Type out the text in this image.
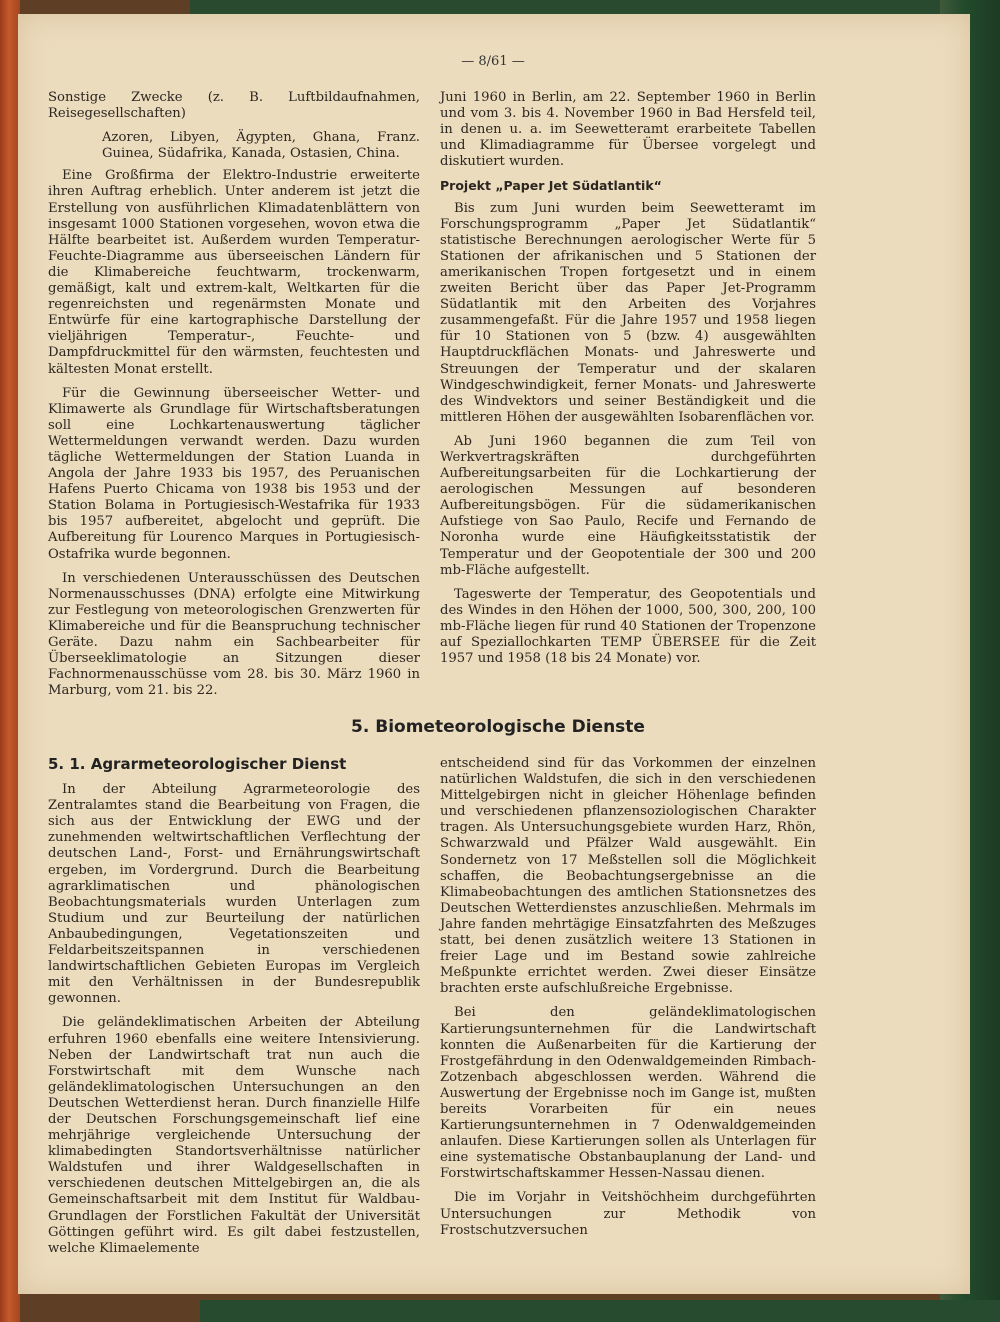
— 8/61 —

Sonstige Zwecke (z. B. Luftbildaufnahmen, Reisegesellschaften)

Azoren, Libyen, Ägypten, Ghana, Franz. Guinea, Südafrika, Kanada, Ostasien, China.

Eine Großfirma der Elektro-Industrie erweiterte ihren Auftrag erheblich. Unter anderem ist jetzt die Erstellung von ausführlichen Klimadatenblättern von insgesamt 1000 Stationen vorgesehen, wovon etwa die Hälfte bearbeitet ist. Außerdem wurden Temperatur-Feuchte-Diagramme aus überseeischen Ländern für die Klimabereiche feuchtwarm, trockenwarm, gemäßigt, kalt und extrem-kalt, Weltkarten für die regenreichsten und regenärmsten Monate und Entwürfe für eine kartographische Darstellung der vieljährigen Temperatur-, Feuchte- und Dampfdruckmittel für den wärmsten, feuchtesten und kältesten Monat erstellt.

Für die Gewinnung überseeischer Wetter- und Klimawerte als Grundlage für Wirtschaftsberatungen soll eine Lochkartenauswertung täglicher Wettermeldungen verwandt werden. Dazu wurden tägliche Wettermeldungen der Station Luanda in Angola der Jahre 1933 bis 1957, des Peruanischen Hafens Puerto Chicama von 1938 bis 1953 und der Station Bolama in Portugiesisch-Westafrika für 1933 bis 1957 aufbereitet, abgelocht und geprüft. Die Aufbereitung für Lourenco Marques in Portugiesisch-Ostafrika wurde begonnen.

In verschiedenen Unterausschüssen des Deutschen Normenausschusses (DNA) erfolgte eine Mitwirkung zur Festlegung von meteorologischen Grenzwerten für Klimabereiche und für die Beanspruchung technischer Geräte. Dazu nahm ein Sachbearbeiter für Überseeklimatologie an Sitzungen dieser Fachnormenausschüsse vom 28. bis 30. März 1960 in Marburg, vom 21. bis 22.

Juni 1960 in Berlin, am 22. September 1960 in Berlin und vom 3. bis 4. November 1960 in Bad Hersfeld teil, in denen u. a. im Seewetteramt erarbeitete Tabellen und Klimadiagramme für Übersee vorgelegt und diskutiert wurden.

Projekt „Paper Jet Südatlantik“

Bis zum Juni wurden beim Seewetteramt im Forschungsprogramm „Paper Jet Südatlantik“ statistische Berechnungen aerologischer Werte für 5 Stationen der afrikanischen und 5 Stationen der amerikanischen Tropen fortgesetzt und in einem zweiten Bericht über das Paper Jet-Programm Südatlantik mit den Arbeiten des Vorjahres zusammengefaßt. Für die Jahre 1957 und 1958 liegen für 10 Stationen von 5 (bzw. 4) ausgewählten Hauptdruckflächen Monats- und Jahreswerte und Streuungen der Temperatur und der skalaren Windgeschwindigkeit, ferner Monats- und Jahreswerte des Windvektors und seiner Beständigkeit und die mittleren Höhen der ausgewählten Isobarenflächen vor.

Ab Juni 1960 begannen die zum Teil von Werkvertragskräften durchgeführten Aufbereitungsarbeiten für die Lochkartierung der aerologischen Messungen auf besonderen Aufbereitungsbögen. Für die südamerikanischen Aufstiege von Sao Paulo, Recife und Fernando de Noronha wurde eine Häufigkeitsstatistik der Temperatur und der Geopotentiale der 300 und 200 mb-Fläche aufgestellt.

Tageswerte der Temperatur, des Geopotentials und des Windes in den Höhen der 1000, 500, 300, 200, 100 mb-Fläche liegen für rund 40 Stationen der Tropenzone auf Speziallochkarten TEMP ÜBERSEE für die Zeit 1957 und 1958 (18 bis 24 Monate) vor.

5. Biometeorologische Dienste
5. 1. Agrarmeteorologischer Dienst

In der Abteilung Agrarmeteorologie des Zentralamtes stand die Bearbeitung von Fragen, die sich aus der Entwicklung der EWG und der zunehmenden weltwirtschaftlichen Verflechtung der deutschen Land-, Forst- und Ernährungswirtschaft ergeben, im Vordergrund. Durch die Bearbeitung agrarklimatischen und phänologischen Beobachtungsmaterials wurden Unterlagen zum Studium und zur Beurteilung der natürlichen Anbaubedingungen, Vegetationszeiten und Feldarbeitszeitspannen in verschiedenen landwirtschaftlichen Gebieten Europas im Vergleich mit den Verhältnissen in der Bundesrepublik gewonnen.

Die geländeklimatischen Arbeiten der Abteilung erfuhren 1960 ebenfalls eine weitere Intensivierung. Neben der Landwirtschaft trat nun auch die Forstwirtschaft mit dem Wunsche nach geländeklimatologischen Untersuchungen an den Deutschen Wetterdienst heran. Durch finanzielle Hilfe der Deutschen Forschungsgemeinschaft lief eine mehrjährige vergleichende Untersuchung der klimabedingten Standortsverhältnisse natürlicher Waldstufen und ihrer Waldgesellschaften in verschiedenen deutschen Mittelgebirgen an, die als Gemeinschaftsarbeit mit dem Institut für Waldbau-Grundlagen der Forstlichen Fakultät der Universität Göttingen geführt wird. Es gilt dabei festzustellen, welche Klimaelemente

entscheidend sind für das Vorkommen der einzelnen natürlichen Waldstufen, die sich in den verschiedenen Mittelgebirgen nicht in gleicher Höhenlage befinden und verschiedenen pflanzensoziologischen Charakter tragen. Als Untersuchungsgebiete wurden Harz, Rhön, Schwarzwald und Pfälzer Wald ausgewählt. Ein Sondernetz von 17 Meßstellen soll die Möglichkeit schaffen, die Beobachtungsergebnisse an die Klimabeobachtungen des amtlichen Stationsnetzes des Deutschen Wetterdienstes anzuschließen. Mehrmals im Jahre fanden mehrtägige Einsatzfahrten des Meßzuges statt, bei denen zusätzlich weitere 13 Stationen in freier Lage und im Bestand sowie zahlreiche Meßpunkte errichtet werden. Zwei dieser Einsätze brachten erste aufschlußreiche Ergebnisse.

Bei den geländeklimatologischen Kartierungsunternehmen für die Landwirtschaft konnten die Außenarbeiten für die Kartierung der Frostgefährdung in den Odenwaldgemeinden Rimbach-Zotzenbach abgeschlossen werden. Während die Auswertung der Ergebnisse noch im Gange ist, mußten bereits Vorarbeiten für ein neues Kartierungsunternehmen in 7 Odenwaldgemeinden anlaufen. Diese Kartierungen sollen als Unterlagen für eine systematische Obstanbauplanung der Land- und Forstwirtschaftskammer Hessen-Nassau dienen.

Die im Vorjahr in Veitshöchheim durchgeführten Untersuchungen zur Methodik von Frostschutzversuchen
